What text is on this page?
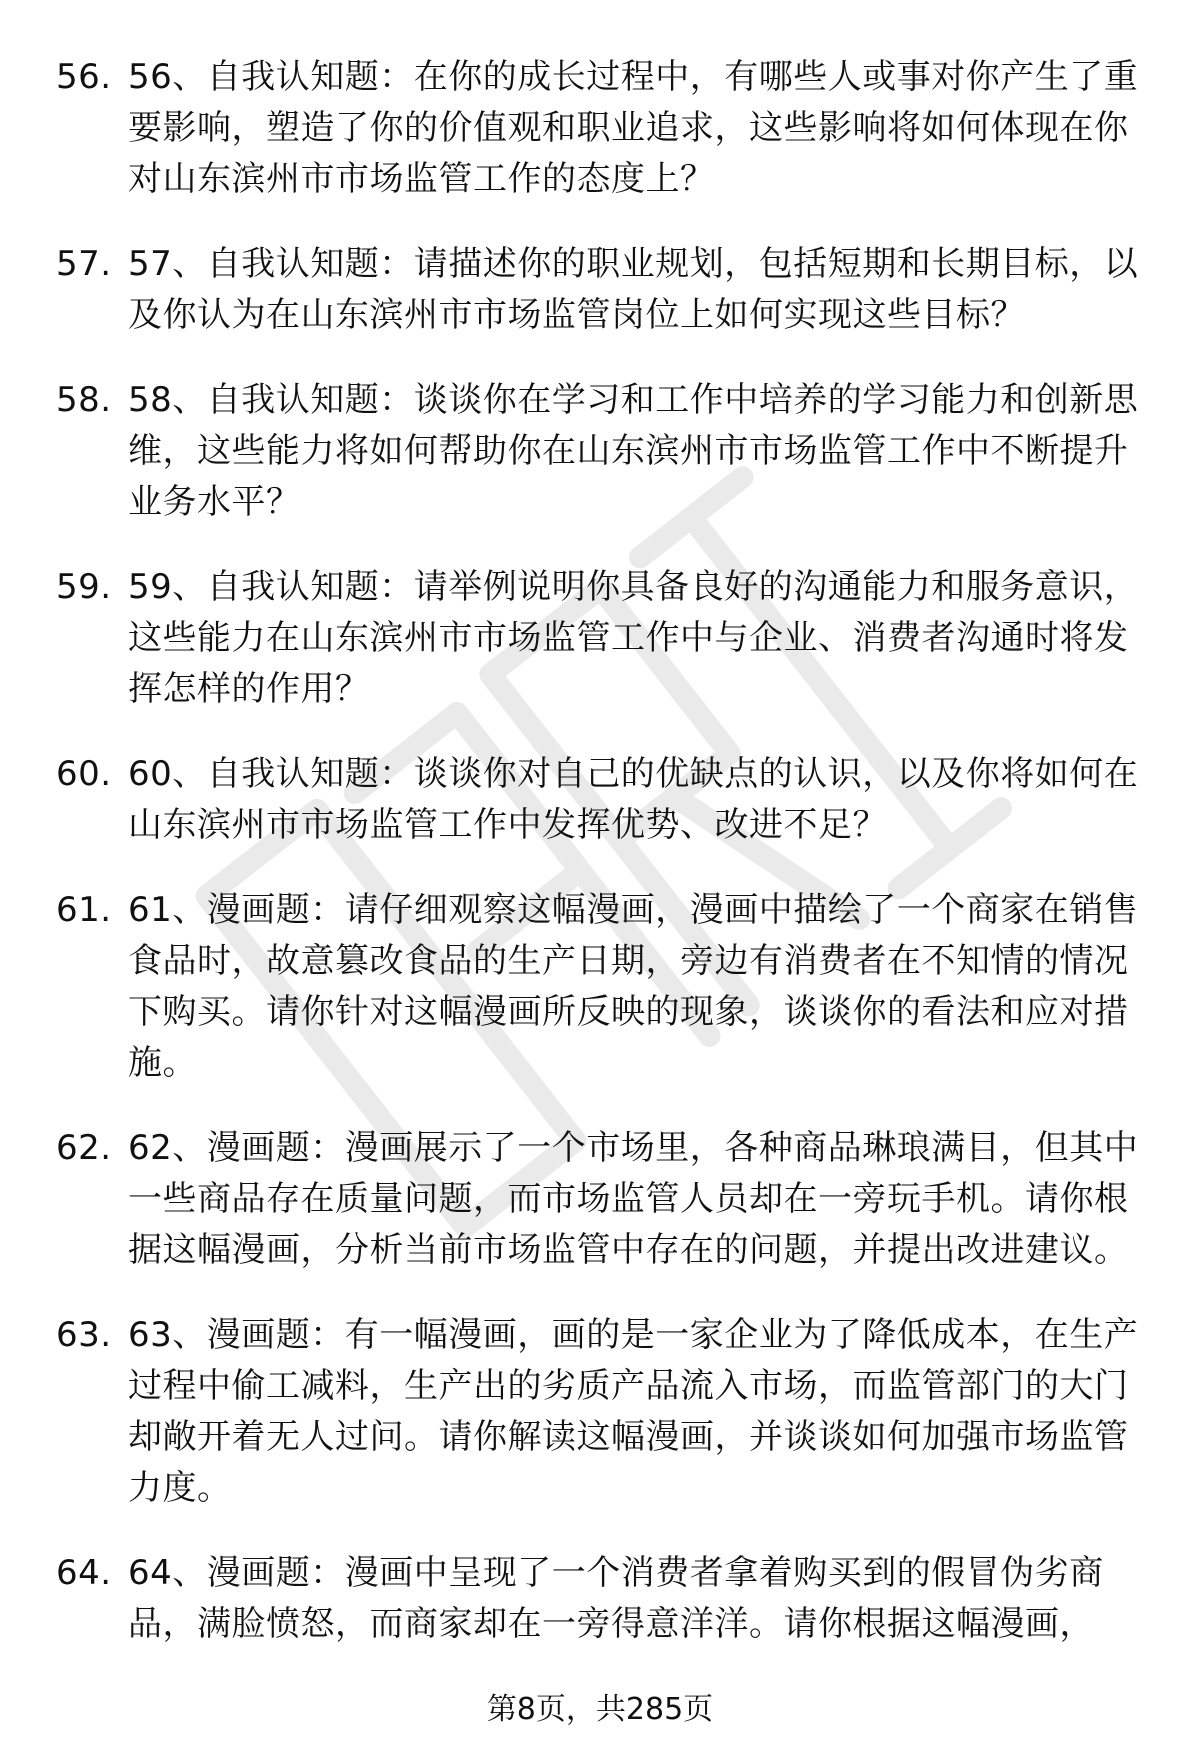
56. 56、自我认知题：在你的成长过程中，有哪些人或事对你产生了重要影响，塑造了你的价值观和职业追求，这些影响将如何体现在你对山东滨州市市场监管工作的态度上？
57. 57、自我认知题：请描述你的职业规划，包括短期和长期目标，以及你认为在山东滨州市市场监管岗位上如何实现这些目标？
58. 58、自我认知题：谈谈你在学习和工作中培养的学习能力和创新思维，这些能力将如何帮助你在山东滨州市市场监管工作中不断提升业务水平？
59. 59、自我认知题：请举例说明你具备良好的沟通能力和服务意识，这些能力在山东滨州市市场监管工作中与企业、消费者沟通时将发挥怎样的作用？
60. 60、自我认知题：谈谈你对自己的优缺点的认识，以及你将如何在山东滨州市市场监管工作中发挥优势、改进不足？
61. 61、漫画题：请仔细观察这幅漫画，漫画中描绘了一个商家在销售食品时，故意篡改食品的生产日期，旁边有消费者在不知情的情况下购买。请你针对这幅漫画所反映的现象，谈谈你的看法和应对措施。
62. 62、漫画题：漫画展示了一个市场里，各种商品琳琅满目，但其中一些商品存在质量问题，而市场监管人员却在一旁玩手机。请你根据这幅漫画，分析当前市场监管中存在的问题，并提出改进建议。
63. 63、漫画题：有一幅漫画，画的是一家企业为了降低成本，在生产过程中偷工减料，生产出的劣质产品流入市场，而监管部门的大门却敞开着无人过问。请你解读这幅漫画，并谈谈如何加强市场监管力度。
64. 64、漫画题：漫画中呈现了一个消费者拿着购买到的假冒伪劣商品，满脸愤怒，而商家却在一旁得意洋洋。请你根据这幅漫画，
第8页，共285页
